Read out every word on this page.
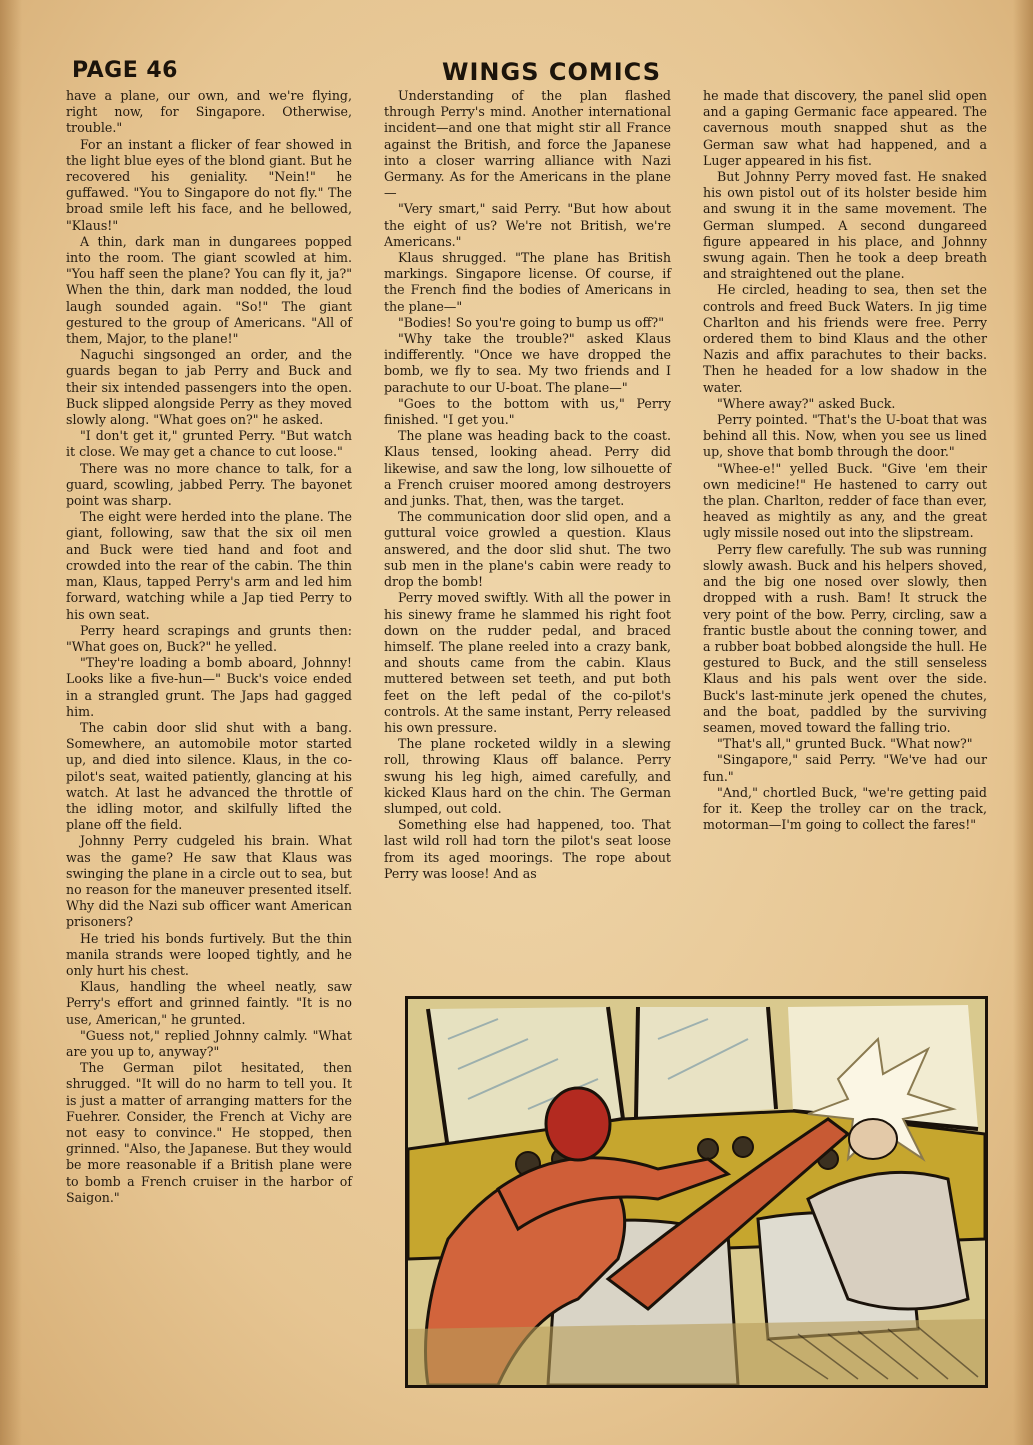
PAGE 46	WINGS COMICS

have a plane, our own, and we're flying, right now, for Singapore. Otherwise, trouble."

For an instant a flicker of fear showed in the light blue eyes of the blond giant. But he recovered his geniality. "Nein!" he guffawed. "You to Singapore do not fly." The broad smile left his face, and he bellowed, "Klaus!"

A thin, dark man in dungarees popped into the room. The giant scowled at him. "You haff seen the plane? You can fly it, ja?" When the thin, dark man nodded, the loud laugh sounded again. "So!" The giant gestured to the group of Americans. "All of them, Major, to the plane!"

Naguchi singsonged an order, and the guards began to jab Perry and Buck and their six intended passengers into the open. Buck slipped alongside Perry as they moved slowly along. "What goes on?" he asked.

"I don't get it," grunted Perry. "But watch it close. We may get a chance to cut loose."

There was no more chance to talk, for a guard, scowling, jabbed Perry. The bayonet point was sharp.

The eight were herded into the plane. The giant, following, saw that the six oil men and Buck were tied hand and foot and crowded into the rear of the cabin. The thin man, Klaus, tapped Perry's arm and led him forward, watching while a Jap tied Perry to his own seat.

Perry heard scrapings and grunts then: "What goes on, Buck?" he yelled.

"They're loading a bomb aboard, Johnny! Looks like a five-hun—" Buck's voice ended in a strangled grunt. The Japs had gagged him.

The cabin door slid shut with a bang. Somewhere, an automobile motor started up, and died into silence. Klaus, in the co-pilot's seat, waited patiently, glancing at his watch. At last he advanced the throttle of the idling motor, and skilfully lifted the plane off the field.

Johnny Perry cudgeled his brain. What was the game? He saw that Klaus was swinging the plane in a circle out to sea, but no reason for the maneuver presented itself. Why did the Nazi sub officer want American prisoners?

He tried his bonds furtively. But the thin manila strands were looped tightly, and he only hurt his chest.

Klaus, handling the wheel neatly, saw Perry's effort and grinned faintly. "It is no use, American," he grunted.

"Guess not," replied Johnny calmly. "What are you up to, anyway?"

The German pilot hesitated, then shrugged. "It will do no harm to tell you. It is just a matter of arranging matters for the Fuehrer. Consider, the French at Vichy are not easy to convince." He stopped, then grinned. "Also, the Japanese. But they would be more reasonable if a British plane were to bomb a French cruiser in the harbor of Saigon."

Understanding of the plan flashed through Perry's mind. Another international incident—and one that might stir all France against the British, and force the Japanese into a closer warring alliance with Nazi Germany. As for the Americans in the plane—

"Very smart," said Perry. "But how about the eight of us? We're not British, we're Americans."

Klaus shrugged. "The plane has British markings. Singapore license. Of course, if the French find the bodies of Americans in the plane—"

"Bodies! So you're going to bump us off?"

"Why take the trouble?" asked Klaus indifferently. "Once we have dropped the bomb, we fly to sea. My two friends and I parachute to our U-boat. The plane—"

"Goes to the bottom with us," Perry finished. "I get you."

The plane was heading back to the coast. Klaus tensed, looking ahead. Perry did likewise, and saw the long, low silhouette of a French cruiser moored among destroyers and junks. That, then, was the target.

The communication door slid open, and a guttural voice growled a question. Klaus answered, and the door slid shut. The two sub men in the plane's cabin were ready to drop the bomb!

Perry moved swiftly. With all the power in his sinewy frame he slammed his right foot down on the rudder pedal, and braced himself. The plane reeled into a crazy bank, and shouts came from the cabin. Klaus muttered between set teeth, and put both feet on the left pedal of the co-pilot's controls. At the same instant, Perry released his own pressure.

The plane rocketed wildly in a slewing roll, throwing Klaus off balance. Perry swung his leg high, aimed carefully, and kicked Klaus hard on the chin. The German slumped, out cold.

Something else had happened, too. That last wild roll had torn the pilot's seat loose from its aged moorings. The rope about Perry was loose! And as

he made that discovery, the panel slid open and a gaping Germanic face appeared. The cavernous mouth snapped shut as the German saw what had happened, and a Luger appeared in his fist.

But Johnny Perry moved fast. He snaked his own pistol out of its holster beside him and swung it in the same movement. The German slumped. A second dungareed figure appeared in his place, and Johnny swung again. Then he took a deep breath and straightened out the plane.

He circled, heading to sea, then set the controls and freed Buck Waters. In jig time Charlton and his friends were free. Perry ordered them to bind Klaus and the other Nazis and affix parachutes to their backs. Then he headed for a low shadow in the water.

"Where away?" asked Buck.

Perry pointed. "That's the U-boat that was behind all this. Now, when you see us lined up, shove that bomb through the door."

"Whee-e!" yelled Buck. "Give 'em their own medicine!" He hastened to carry out the plan. Charlton, redder of face than ever, heaved as mightily as any, and the great ugly missile nosed out into the slipstream.

Perry flew carefully. The sub was running slowly awash. Buck and his helpers shoved, and the big one nosed over slowly, then dropped with a rush. Bam! It struck the very point of the bow. Perry, circling, saw a frantic bustle about the conning tower, and a rubber boat bobbed alongside the hull. He gestured to Buck, and the still senseless Klaus and his pals went over the side. Buck's last-minute jerk opened the chutes, and the boat, paddled by the surviving seamen, moved toward the falling trio.

"That's all," grunted Buck. "What now?"

"Singapore," said Perry. "We've had our fun."

"And," chortled Buck, "we're getting paid for it. Keep the trolley car on the track, motorman—I'm going to collect the fares!"
